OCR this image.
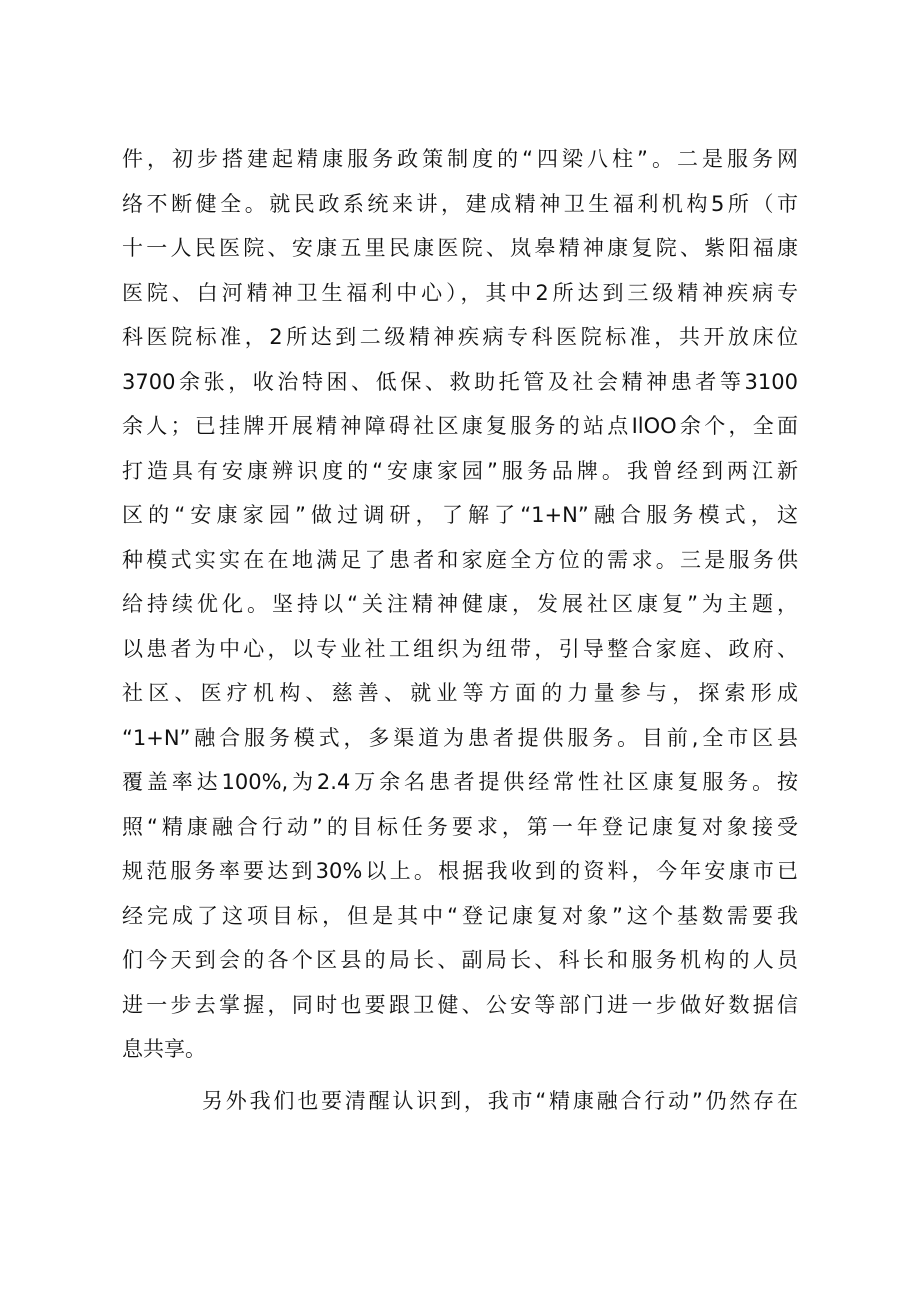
件，初步搭建起精康服务政策制度的“四梁八柱”。二是服务网
络不断健全。就民政系统来讲，建成精神卫生福利机构5所（市
十一人民医院、安康五里民康医院、岚皋精神康复院、紫阳福康
医院、白河精神卫生福利中心），其中2所达到三级精神疾病专
科医院标准，2所达到二级精神疾病专科医院标准，共开放床位
3700余张，收治特困、低保、救助托管及社会精神患者等3100
余人；已挂牌开展精神障碍社区康复服务的站点IlOO余个，全面
打造具有安康辨识度的“安康家园”服务品牌。我曾经到两江新
区的“安康家园”做过调研，了解了“1+N”融合服务模式，这
种模式实实在在地满足了患者和家庭全方位的需求。三是服务供
给持续优化。坚持以“关注精神健康，发展社区康复”为主题，
以患者为中心，以专业社工组织为纽带，引导整合家庭、政府、
社区、医疗机构、慈善、就业等方面的力量参与，探索形成
“1+N”融合服务模式，多渠道为患者提供服务。目前,全市区县
覆盖率达100%,为2.4万余名患者提供经常性社区康复服务。按
照“精康融合行动”的目标任务要求，第一年登记康复对象接受
规范服务率要达到30%以上。根据我收到的资料，今年安康市已
经完成了这项目标，但是其中“登记康复对象”这个基数需要我
们今天到会的各个区县的局长、副局长、科长和服务机构的人员
进一步去掌握，同时也要跟卫健、公安等部门进一步做好数据信
息共享。
另外我们也要清醒认识到，我市“精康融合行动”仍然存在
